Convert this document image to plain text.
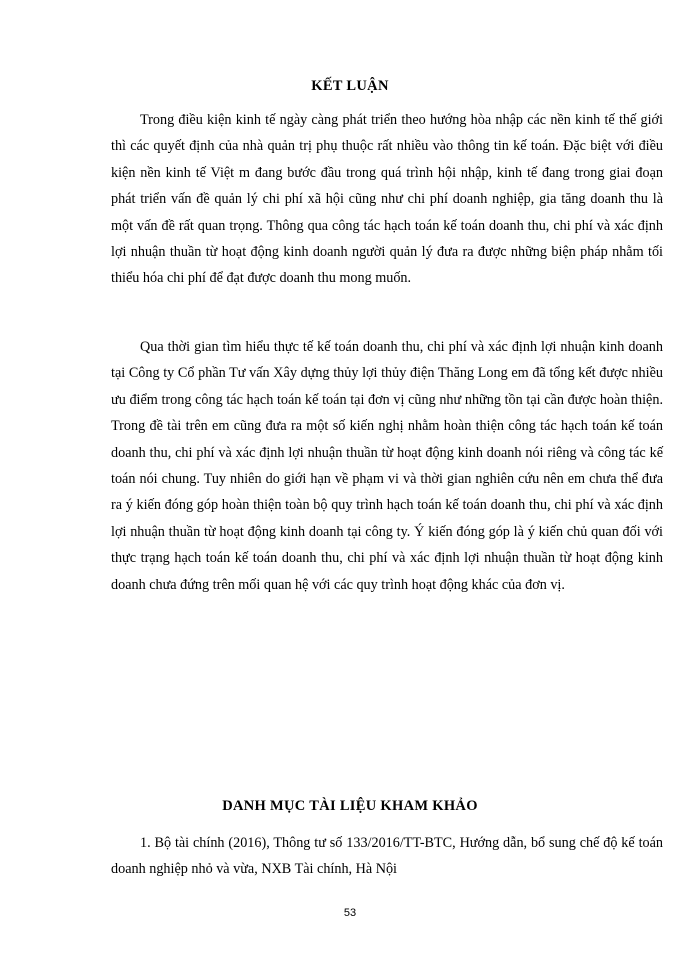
KẾT LUẬN

Trong điều kiện kinh tế ngày càng phát triển theo hướng hòa nhập các nền kinh tế thế giới thì các quyết định của nhà quản trị phụ thuộc rất nhiều vào thông tin kế toán. Đặc biệt với điều kiện nền kinh tế Việt m đang bước đầu trong quá trình hội nhập, kinh tế đang trong giai đoạn phát triển vấn đề quản lý chi phí xã hội cũng như chi phí doanh nghiệp, gia tăng doanh thu là một vấn đề rất quan trọng. Thông qua công tác hạch toán kế toán doanh thu, chi phí và xác định lợi nhuận thuần từ hoạt động kinh doanh người quản lý đưa ra được những biện pháp nhằm tối thiểu hóa chi phí để đạt được doanh thu mong muốn.

Qua thời gian tìm hiểu thực tế kế toán doanh thu, chi phí và xác định lợi nhuận kinh doanh tại Công ty Cổ phần Tư vấn Xây dựng thủy lợi thủy điện Thăng Long em đã tổng kết được nhiều ưu điểm trong công tác hạch toán kế toán tại đơn vị cũng như những tồn tại cần được hoàn thiện. Trong đề tài trên em cũng đưa ra một số kiến nghị nhằm hoàn thiện công tác hạch toán kế toán doanh thu, chi phí và xác định lợi nhuận thuần từ hoạt động kinh doanh nói riêng và công tác kế toán nói chung. Tuy nhiên do giới hạn về phạm vi và thời gian nghiên cứu nên em chưa thể đưa ra ý kiến đóng góp hoàn thiện toàn bộ quy trình hạch toán kế toán doanh thu, chi phí và xác định lợi nhuận thuần từ hoạt động kinh doanh tại công ty. Ý kiến đóng góp là ý kiến chủ quan đối với thực trạng hạch toán kế toán doanh thu, chi phí và xác định lợi nhuận thuần từ hoạt động kinh doanh chưa đứng trên mối quan hệ với các quy trình hoạt động khác của đơn vị.

DANH MỤC TÀI LIỆU KHAM KHẢO

1. Bộ tài chính (2016), Thông tư số 133/2016/TT-BTC, Hướng dẫn, bổ sung chế độ kế toán doanh nghiệp nhỏ và vừa, NXB Tài chính, Hà Nội

53
